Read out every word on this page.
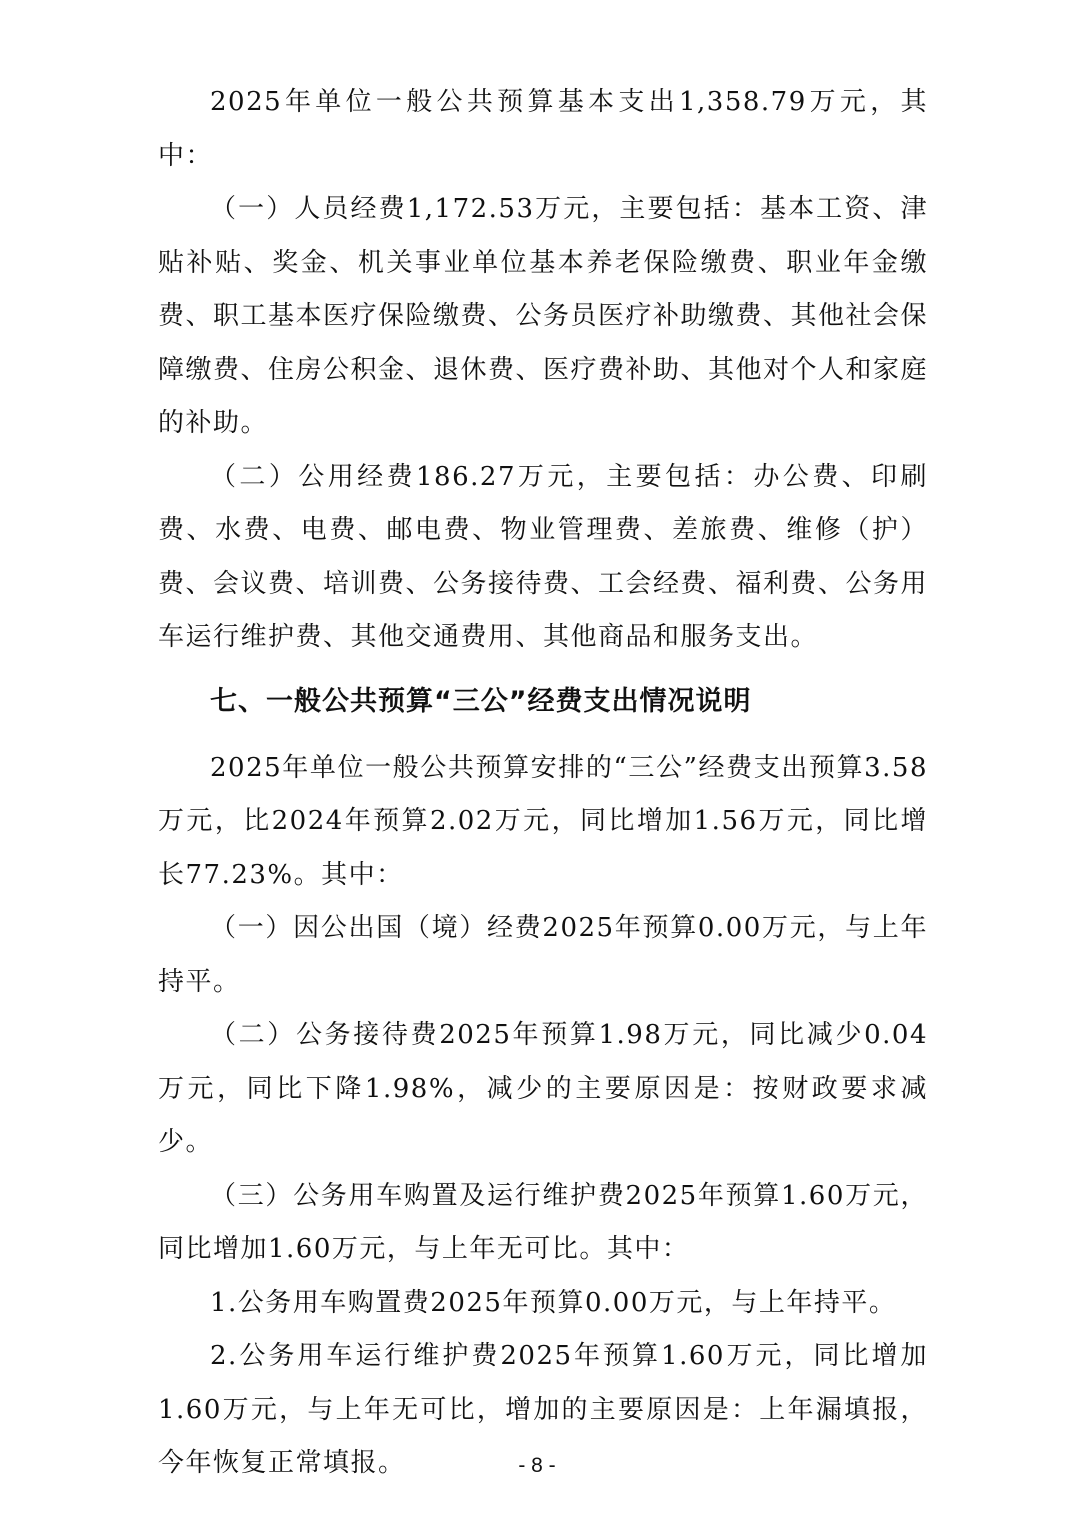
2025年单位一般公共预算基本支出1,358.79万元，其中：

（一）人员经费1,172.53万元，主要包括：基本工资、津贴补贴、奖金、机关事业单位基本养老保险缴费、职业年金缴费、职工基本医疗保险缴费、公务员医疗补助缴费、其他社会保障缴费、住房公积金、退休费、医疗费补助、其他对个人和家庭的补助。

（二）公用经费186.27万元，主要包括：办公费、印刷费、水费、电费、邮电费、物业管理费、差旅费、维修（护）费、会议费、培训费、公务接待费、工会经费、福利费、公务用车运行维护费、其他交通费用、其他商品和服务支出。

七、一般公共预算“三公”经费支出情况说明

2025年单位一般公共预算安排的“三公”经费支出预算3.58万元，比2024年预算2.02万元，同比增加1.56万元，同比增长77.23%。其中：

（一）因公出国（境）经费2025年预算0.00万元，与上年持平。

（二）公务接待费2025年预算1.98万元，同比减少0.04万元，同比下降1.98%，减少的主要原因是：按财政要求减少。

（三）公务用车购置及运行维护费2025年预算1.60万元，同比增加1.60万元，与上年无可比。其中：

1.公务用车购置费2025年预算0.00万元，与上年持平。

2.公务用车运行维护费2025年预算1.60万元，同比增加1.60万元，与上年无可比，增加的主要原因是：上年漏填报，今年恢复正常填报。	- 8 -
